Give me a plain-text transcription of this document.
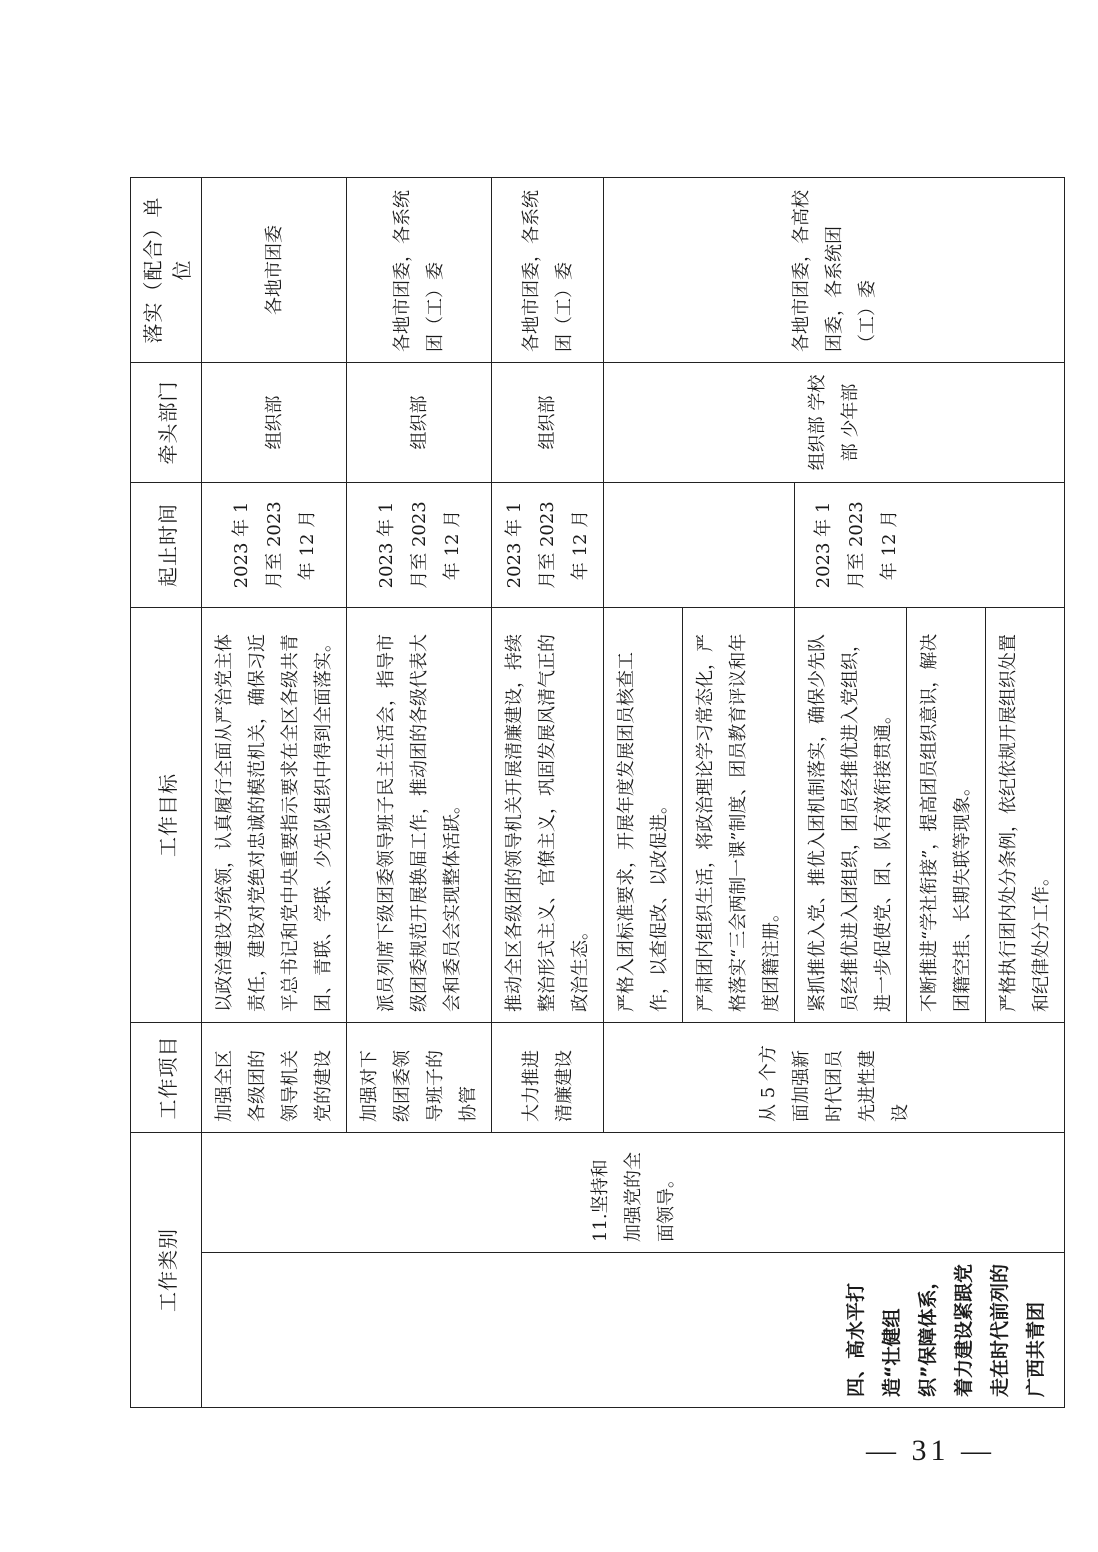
工作类别		工作项目	工作目标	起止时间	牵头部门	落实（配合）单位
四、高水平打造“壮健组织”保障体系，着力建设紧跟党走在时代前列的广西共青团	11.坚持和加强党的全面领导。	加强全区各级团的领导机关党的建设	以政治建设为统领，认真履行全面从严治党主体责任，建设对党绝对忠诚的模范机关，确保习近平总书记和党中央重要指示要求在全区各级共青团、青联、学联、少先队组织中得到全面落实。	2023 年 1 月至 2023 年 12 月	组织部	各地市团委
		加强对下级团委领导班子的协管	派员列席下级团委领导班子民主生活会，指导市级团委规范开展换届工作，推动团的各级代表大会和委员会实现整体活跃。	2023 年 1 月至 2023 年 12 月	组织部	各地市团委，各系统团（工）委
		大力推进清廉建设	推动全区各级团的领导机关开展清廉建设，持续整治形式主义、官僚主义，巩固发展风清气正的政治生态。	2023 年 1 月至 2023 年 12 月	组织部	各地市团委，各系统团（工）委
		从 5 个方面加强新时代团员先进性建设	严格入团标准要求，开展年度发展团员核查工作，以查促改、以改促进。		组织部 学校部 少年部	各地市团委，各高校团委，各系统团（工）委
			严肃团内组织生活，将政治理论学习常态化，严格落实“三会两制一课”制度、团员教育评议和年度团籍注册。			
			紧抓推优入党、推优入团机制落实，确保少先队员经推优进入团组织，团员经推优进入党组织，进一步促使党、团、队有效衔接贯通。	2023 年 1 月至 2023 年 12 月		
			不断推进“学社衔接”，提高团员组织意识，解决团籍空挂、长期失联等现象。			
			严格执行团内处分条例，依纪依规开展组织处置和纪律处分工作。			
— 31 —
